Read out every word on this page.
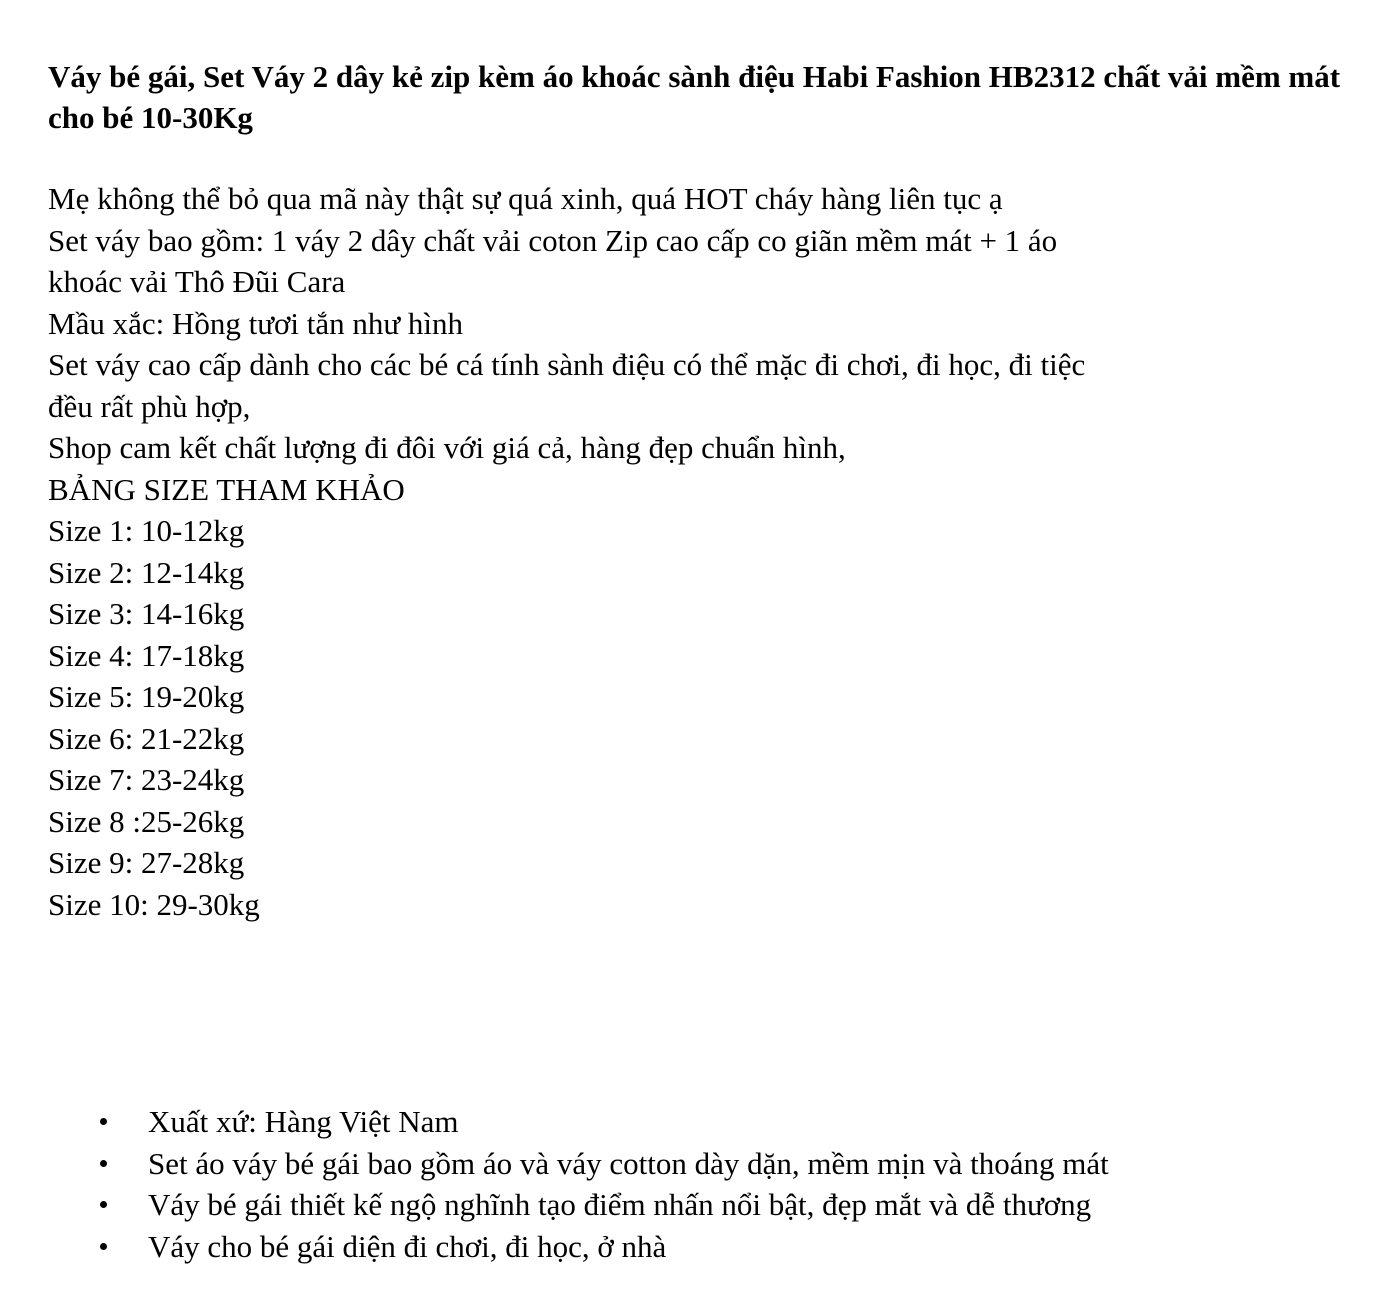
Váy bé gái, Set Váy 2 dây kẻ zip kèm áo khoác sành điệu Habi Fashion HB2312 chất vải mềm mát cho bé 10-30Kg
Mẹ không thể bỏ qua mã này thật sự quá xinh, quá HOT cháy hàng liên tục ạ
Set váy bao gồm: 1 váy 2 dây chất vải coton Zip cao cấp co giãn mềm mát + 1 áo
khoác vải Thô Đũi Cara
Mầu xắc: Hồng tươi tắn như hình
Set váy cao cấp dành cho các bé cá tính sành điệu có thể mặc đi chơi, đi học, đi tiệc
đều rất phù hợp,
Shop cam kết chất lượng đi đôi với giá cả, hàng đẹp chuẩn hình,
BẢNG SIZE THAM KHẢO
Size 1: 10-12kg
Size 2: 12-14kg
Size 3: 14-16kg
Size 4: 17-18kg
Size 5: 19-20kg
Size 6: 21-22kg
Size 7: 23-24kg
Size 8 :25-26kg
Size 9: 27-28kg
Size 10: 29-30kg
Xuất xứ: Hàng Việt Nam
Set áo váy bé gái bao gồm áo và váy cotton dày dặn, mềm mịn và thoáng mát
Váy bé gái thiết kế ngộ nghĩnh tạo điểm nhấn nổi bật, đẹp mắt và dễ thương
Váy cho bé gái diện đi chơi, đi học, ở nhà
